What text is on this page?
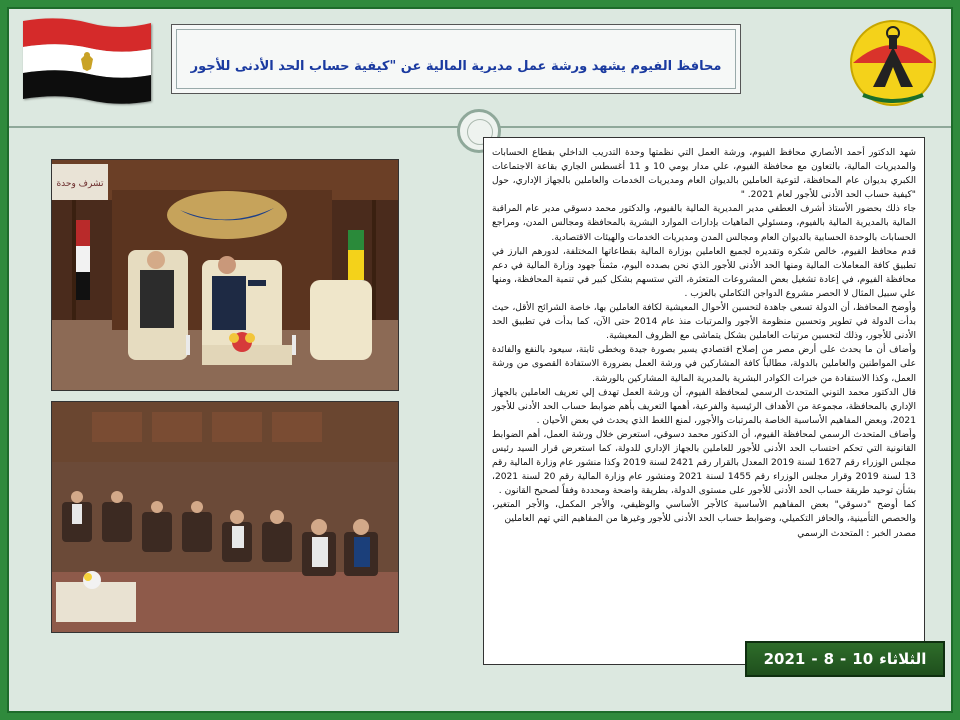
محافظ الفيوم يشهد ورشة عمل مديرية المالية عن "كيفية حساب الحد الأدنى للأجور
تشرف وحدة

شهد الدكتور أحمد الأنصاري محافظ الفيوم، ورشة العمل التي نظمتها وحدة التدريب الداخلي بقطاع الحسابات والمديريات المالية، بالتعاون مع محافظة الفيوم، علي مدار يومي 10 و 11 أغسطس الجاري بقاعة الاجتماعات الكبري بديوان عام المحافظة، لتوعية العاملين بالديوان العام ومديريات الخدمات والعاملين بالجهاز الإداري، حول "كيفية حساب الحد الأدنى للأجور لعام 2021. "

جاء ذلك بحضور الأستاذ أشرف العطفي مدير المديرية المالية بالفيوم، والدكتور محمد دسوقي مدير عام المراقبة المالية بالمديرية المالية بالفيوم، ومسئولي الماهيات بإدارات الموارد البشرية بالمحافظة ومجالس المدن، ومراجع الحسابات بالوحدة الحسابية بالديوان العام ومجالس المدن ومديريات الخدمات والهيئات الاقتصادية.

قدم محافظ الفيوم، خالص شكره وتقديره لجميع العاملين بوزارة المالية بقطاعاتها المختلفة، لدورهم البارز في تطبيق كافة المعاملات المالية ومنها الحد الأدنى للأجور الذي نحن بصدده اليوم، مثمناً جهود وزارة المالية في دعم محافظة الفيوم، في إعادة تشغيل بعض المشروعات المتعثرة، التي ستسهم بشكل كبير في تنمية المحافظة، ومنها علي سبيل المثال لا الحصر مشروع الدواجن التكاملي بالعزب .

وأوضح المحافظ، أن الدولة تسعى جاهدة لتحسين الأحوال المعيشية لكافة العاملين بها، خاصة الشرائح الأقل، حيث بدأت الدولة في تطوير وتحسين منظومة الأجور والمرتبات منذ عام 2014 حتى الآن، كما بدأت في تطبيق الحد الأدنى للأجور، وذلك لتحسين مرتبات العاملين بشكل يتماشى مع الظروف المعيشية.

وأضاف أن ما يحدث على أرض مصر من إصلاح اقتصادي يسير بصورة جيدة وبخطى ثابتة، سيعود بالنفع والفائدة على المواطنين والعاملين بالدولة، مطالباً كافة المشاركين في ورشة العمل بضرورة الاستفادة القصوى من ورشة العمل، وكذا الاستفادة من خبرات الكوادر البشرية بالمديرية المالية المشاركين بالورشة.

قال الدكتور محمد التوني المتحدث الرسمي لمحافظة الفيوم، أن ورشة العمل تهدف إلي تعريف العاملين بالجهاز الإداري بالمحافظة، مجموعة من الأهداف الرئيسية والفرعية، أهمها التعريف بأهم ضوابط حساب الحد الأدنى للأجور 2021، وبعض المفاهيم الأساسية الخاصة بالمرتبات والأجور، لمنع اللغط الذي يحدث في بعض الأحيان .

وأضاف المتحدث الرسمي لمحافظة الفيوم، أن الدكتور محمد دسوقي، استعرض خلال ورشة العمل، أهم الضوابط القانونية التي تحكم احتساب الحد الأدنى للأجور للعاملين بالجهاز الإداري للدولة، كما استعرض قرار السيد رئيس مجلس الوزراء رقم 1627 لسنة 2019 المعدل بالقرار رقم 2421 لسنة 2019 وكذا منشور عام وزارة المالية رقم 13 لسنة 2019 وقرار مجلس الوزراء رقم 1455 لسنة 2021 ومنشور عام وزارة المالية رقم 20 لسنة 2021، بشأن توحيد طريقة حساب الحد الأدنى للأجور على مستوى الدولة، بطريقة واضحة ومحددة وفقاً لصحيح القانون .

كما أوضح "دسوقي" بعض المفاهيم الأساسية كالأجر الأساسي والوظيفي، والأجر المكمل، والأجر المتغير، والحصص التأمينية، والحافز التكميلي، وضوابط حساب الحد الأدنى للأجور وغيرها من المفاهيم التي تهم العاملين

مصدر الخبر : المتحدث الرسمي

الثلاثاء
10
-
8
-
2021
